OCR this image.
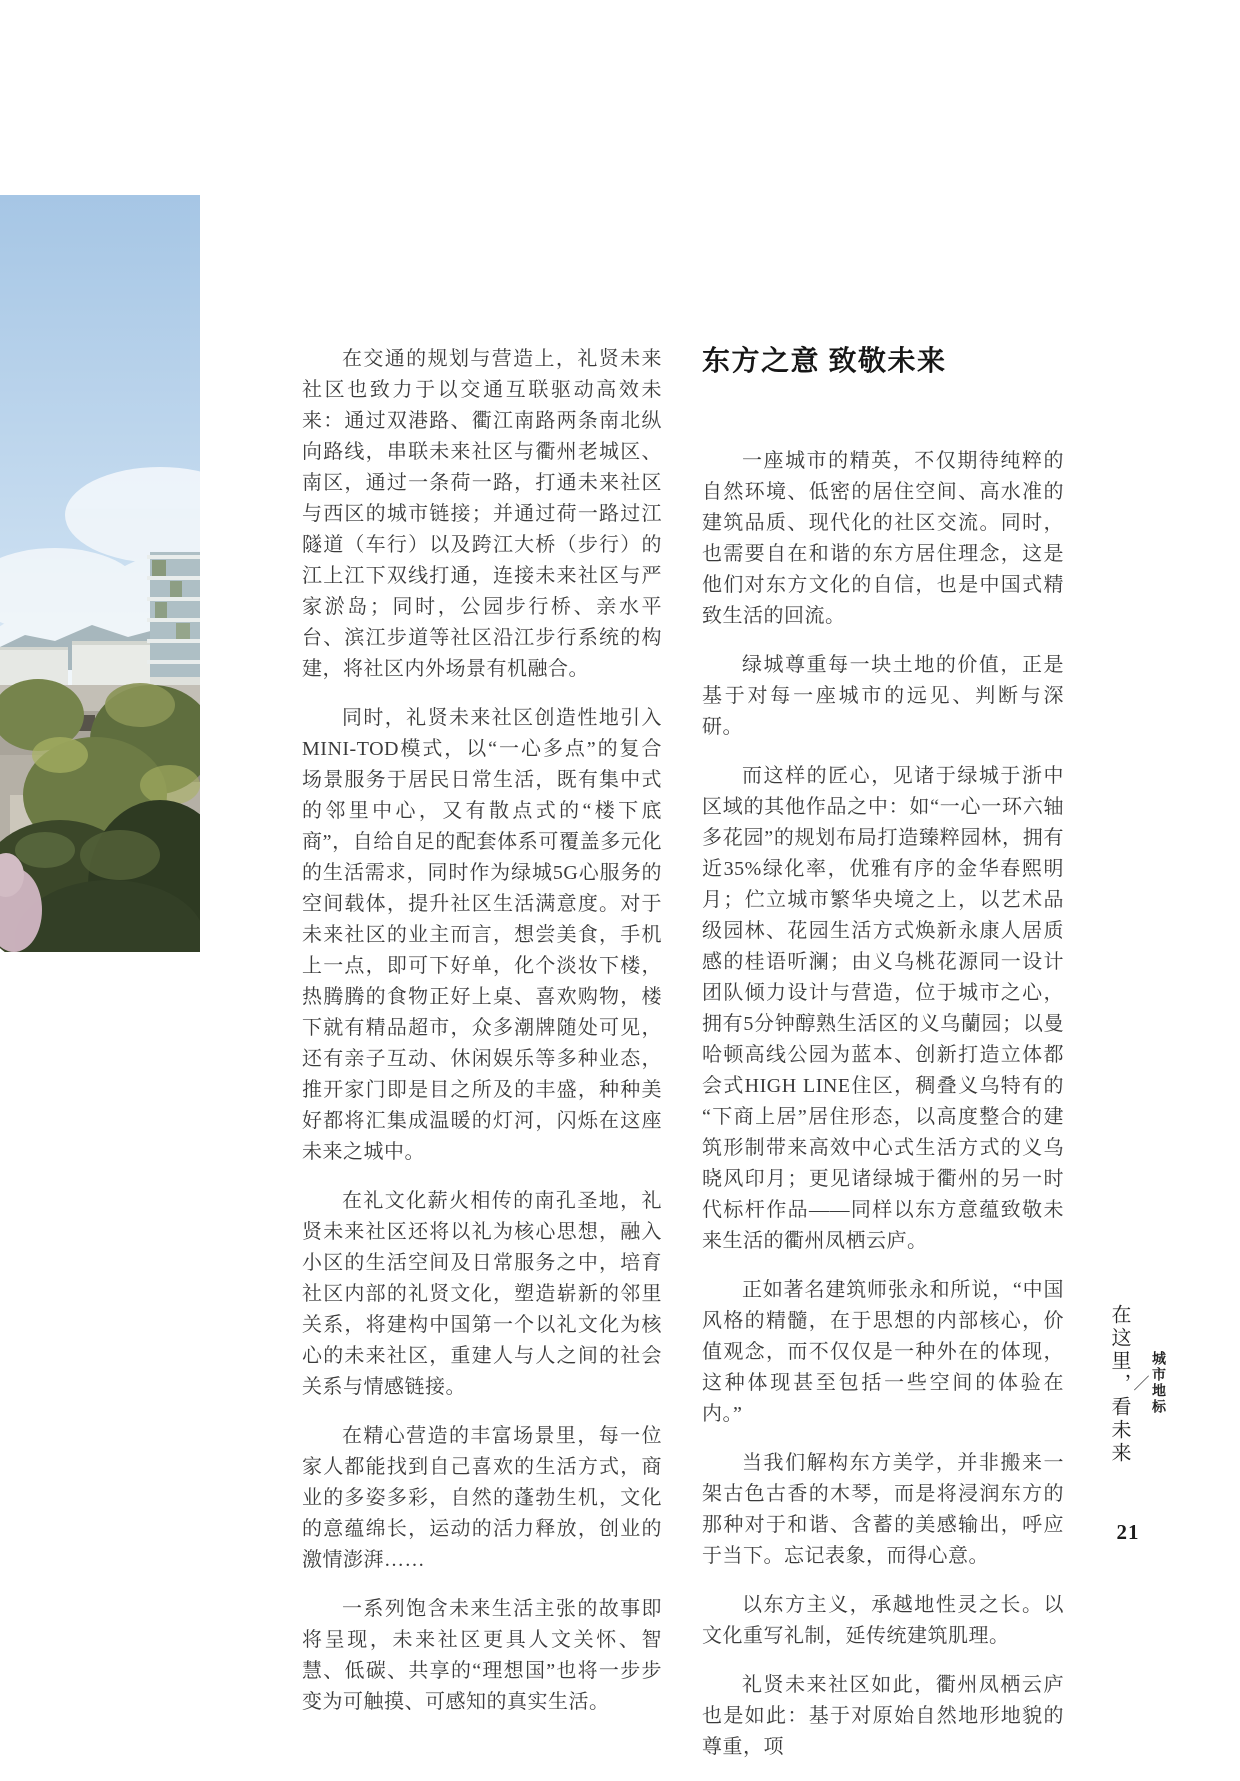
在交通的规划与营造上，礼贤未来社区也致力于以交通互联驱动高效未来：通过双港路、衢江南路两条南北纵向路线，串联未来社区与衢州老城区、南区，通过一条荷一路，打通未来社区与西区的城市链接；并通过荷一路过江隧道（车行）以及跨江大桥（步行）的江上江下双线打通，连接未来社区与严家淤岛；同时，公园步行桥、亲水平台、滨江步道等社区沿江步行系统的构建，将社区内外场景有机融合。

同时，礼贤未来社区创造性地引入MINI-TOD模式，以“一心多点”的复合场景服务于居民日常生活，既有集中式的邻里中心，又有散点式的“楼下底商”，自给自足的配套体系可覆盖多元化的生活需求，同时作为绿城5G心服务的空间载体，提升社区生活满意度。对于未来社区的业主而言，想尝美食，手机上一点，即可下好单，化个淡妆下楼，热腾腾的食物正好上桌、喜欢购物，楼下就有精品超市，众多潮牌随处可见，还有亲子互动、休闲娱乐等多种业态，推开家门即是目之所及的丰盛，种种美好都将汇集成温暖的灯河，闪烁在这座未来之城中。

在礼文化薪火相传的南孔圣地，礼贤未来社区还将以礼为核心思想，融入小区的生活空间及日常服务之中，培育社区内部的礼贤文化，塑造崭新的邻里关系，将建构中国第一个以礼文化为核心的未来社区，重建人与人之间的社会关系与情感链接。

在精心营造的丰富场景里，每一位家人都能找到自己喜欢的生活方式，商业的多姿多彩，自然的蓬勃生机，文化的意蕴绵长，运动的活力释放，创业的激情澎湃……

一系列饱含未来生活主张的故事即将呈现，未来社区更具人文关怀、智慧、低碳、共享的“理想国”也将一步步变为可触摸、可感知的真实生活。

东方之意 致敬未来

一座城市的精英，不仅期待纯粹的自然环境、低密的居住空间、高水准的建筑品质、现代化的社区交流。同时，也需要自在和谐的东方居住理念，这是他们对东方文化的自信，也是中国式精致生活的回流。

绿城尊重每一块土地的价值，正是基于对每一座城市的远见、判断与深研。

而这样的匠心，见诸于绿城于浙中区域的其他作品之中：如“一心一环六轴多花园”的规划布局打造臻粹园林，拥有近35%绿化率，优雅有序的金华春熙明月；伫立城市繁华央境之上，以艺术品级园林、花园生活方式焕新永康人居质感的桂语听澜；由义乌桃花源同一设计团队倾力设计与营造，位于城市之心，拥有5分钟醇熟生活区的义乌蘭园；以曼哈顿高线公园为蓝本、创新打造立体都会式HIGH LINE住区，稠叠义乌特有的“下商上居”居住形态，以高度整合的建筑形制带来高效中心式生活方式的义乌晓风印月；更见诸绿城于衢州的另一时代标杆作品——同样以东方意蕴致敬未来生活的衢州凤栖云庐。

正如著名建筑师张永和所说，“中国风格的精髓，在于思想的内部核心，价值观念，而不仅仅是一种外在的体现，这种体现甚至包括一些空间的体验在内。”

当我们解构东方美学，并非搬来一架古色古香的木琴，而是将浸润东方的那种对于和谐、含蓄的美感输出，呼应于当下。忘记表象，而得心意。

以东方主义，承越地性灵之长。以文化重写礼制，延传统建筑肌理。

礼贤未来社区如此，衢州凤栖云庐也是如此：基于对原始自然地形地貌的尊重，项

城市地标
／
在这里，看未来
21
